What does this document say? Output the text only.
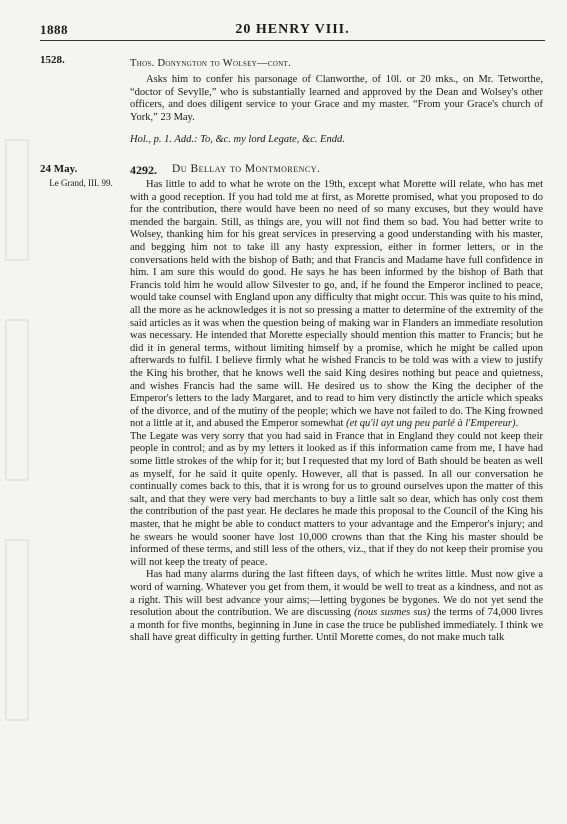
1888	20 HENRY VIII.
1528.	Thos. Donyngton to Wolsey—cont.
Asks him to confer his parsonage of Clanworthe, of 10l. or 20 mks., on Mr. Tetworthe, “doctor of Sevylle,” who is substantially learned and approved by the Dean and Wolsey's other officers, and does diligent service to your Grace and my master. “From your Grace's church of York,” 23 May.
Hol., p. 1. Add.: To, &c. my lord Legate, &c. Endd.
24 May.	4292. Du Bellay to Montmorency.
Le Grand, III. 99.	Has little to add to what he wrote on the 19th, except what Morette will relate, who has met with a good reception. If you had told me at first, as Morette promised, what you proposed to do for the contribution, there would have been no need of so many excuses, but they would have mended the bargain. Still, as things are, you will not find them so bad. You had better write to Wolsey, thanking him for his great services in preserving a good understanding with his master, and begging him not to take ill any hasty expression, either in former letters, or in the conversations held with the bishop of Bath; and that Francis and Madame have full confidence in him. I am sure this would do good. He says he has been informed by the bishop of Bath that Francis told him he would allow Silvester to go, and, if he found the Emperor inclined to peace, would take counsel with England upon any difficulty that might occur. This was quite to his mind, all the more as he acknowledges it is not so pressing a matter to determine of the extremity of the said articles as it was when the question being of making war in Flanders an immediate resolution was necessary. He intended that Morette especially should mention this matter to Francis; but he did it in general terms, without limiting himself by a promise, which he might be called upon afterwards to fulfil. I believe firmly what he wished Francis to be told was with a view to justify the King his brother, that he knows well the said King desires nothing but peace and quietness, and wishes Francis had the same will. He desired us to show the King the decipher of the Emperor's letters to the lady Margaret, and to read to him very distinctly the article which speaks of the divorce, and of the mutiny of the people; which we have not failed to do. The King frowned not a little at it, and abused the Emperor somewhat (et qu'il ayt ung peu parlé à l'Empereur).
The Legate was very sorry that you had said in France that in England they could not keep their people in control; and as by my letters it looked as if this information came from me, I have had some little strokes of the whip for it; but I requested that my lord of Bath should be beaten as well as myself, for he said it quite openly. However, all that is passed. In all our conversation he continually comes back to this, that it is wrong for us to ground ourselves upon the matter of this salt, and that they were very bad merchants to buy a little salt so dear, which has only cost them the contribution of the past year. He declares he made this proposal to the Council of the King his master, that he might be able to conduct matters to your advantage and the Emperor's injury; and he swears he would sooner have lost 10,000 crowns than that the King his master should be informed of these terms, and still less of the others, viz., that if they do not keep their promise you will not keep the treaty of peace.
Has had many alarms during the last fifteen days, of which he writes little. Must now give a word of warning. Whatever you get from them, it would be well to treat as a kindness, and not as a right. This will best advance your aims;—letting bygones be bygones. We do not yet send the resolution about the contribution. We are discussing (nous susmes sus) the terms of 74,000 livres a month for five months, beginning in June in case the truce be published immediately. I think we shall have great difficulty in getting further. Until Morette comes, do not make much talk
